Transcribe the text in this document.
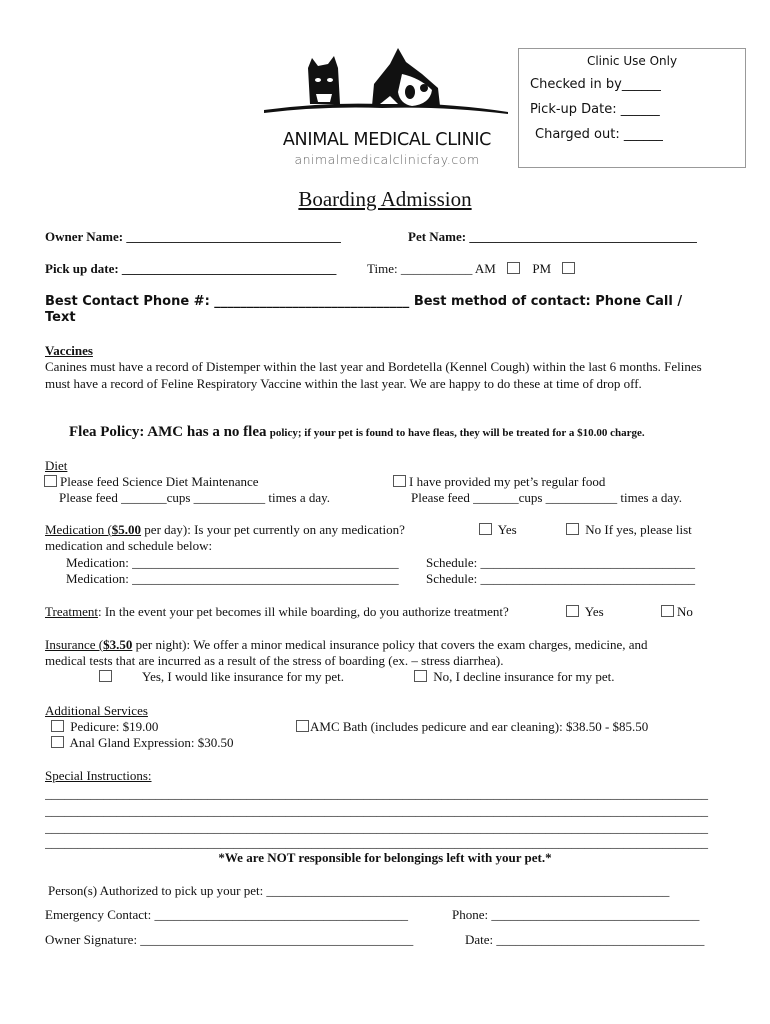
Clinic Use Only
Checked in by______
Pick-up Date: ______
Charged out: ______
ANIMAL MEDICAL CLINIC
animalmedicalclinicfay.com
Boarding Admission
Owner Name: _________________________________	Pet Name: ___________________________________
Pick up date: _________________________________ Time: ___________ AM	PM
Best Contact Phone #: ______________________________ Best method of contact: Phone Call /
Text
Vaccines
Canines must have a record of Distemper within the last year and Bordetella (Kennel Cough) within the last 6 months. Felines must have a record of Feline Respiratory Vaccine within the last year. We are happy to do these at time of drop off.
Flea Policy: AMC has a no flea policy; if your pet is found to have fleas, they will be treated for a $10.00 charge.
Diet
Please feed Science Diet Maintenance
Please feed _______cups ___________ times a day.
I have provided my pet’s regular food
Please feed _______cups ___________ times a day.
Medication ($5.00 per day): Is your pet currently on any medication?	Yes	No If yes, please list
medication and schedule below:
Medication: _________________________________________ Schedule: _________________________________
Medication: _________________________________________ Schedule: _________________________________
Treatment: In the event your pet becomes ill while boarding, do you authorize treatment?	Yes	No
Insurance ($3.50 per night): We offer a minor medical insurance policy that covers the exam charges, medicine, and
medical tests that are incurred as a result of the stress of boarding (ex. – stress diarrhea).
Yes, I would like insurance for my pet.	No, I decline insurance for my pet.
Additional Services
Pedicure: $19.00	AMC Bath (includes pedicure and ear cleaning): $38.50 - $85.50
Anal Gland Expression: $30.50
Special Instructions:
______________________________________________________________________________________________________
______________________________________________________________________________________________________
______________________________________________________________________________________________________
______________________________________________________________________________________________________
*We are NOT responsible for belongings left with your pet.*
Person(s) Authorized to pick up your pet: ______________________________________________________________
Emergency Contact: _______________________________________	Phone: ________________________________
Owner Signature: __________________________________________	Date: ________________________________
